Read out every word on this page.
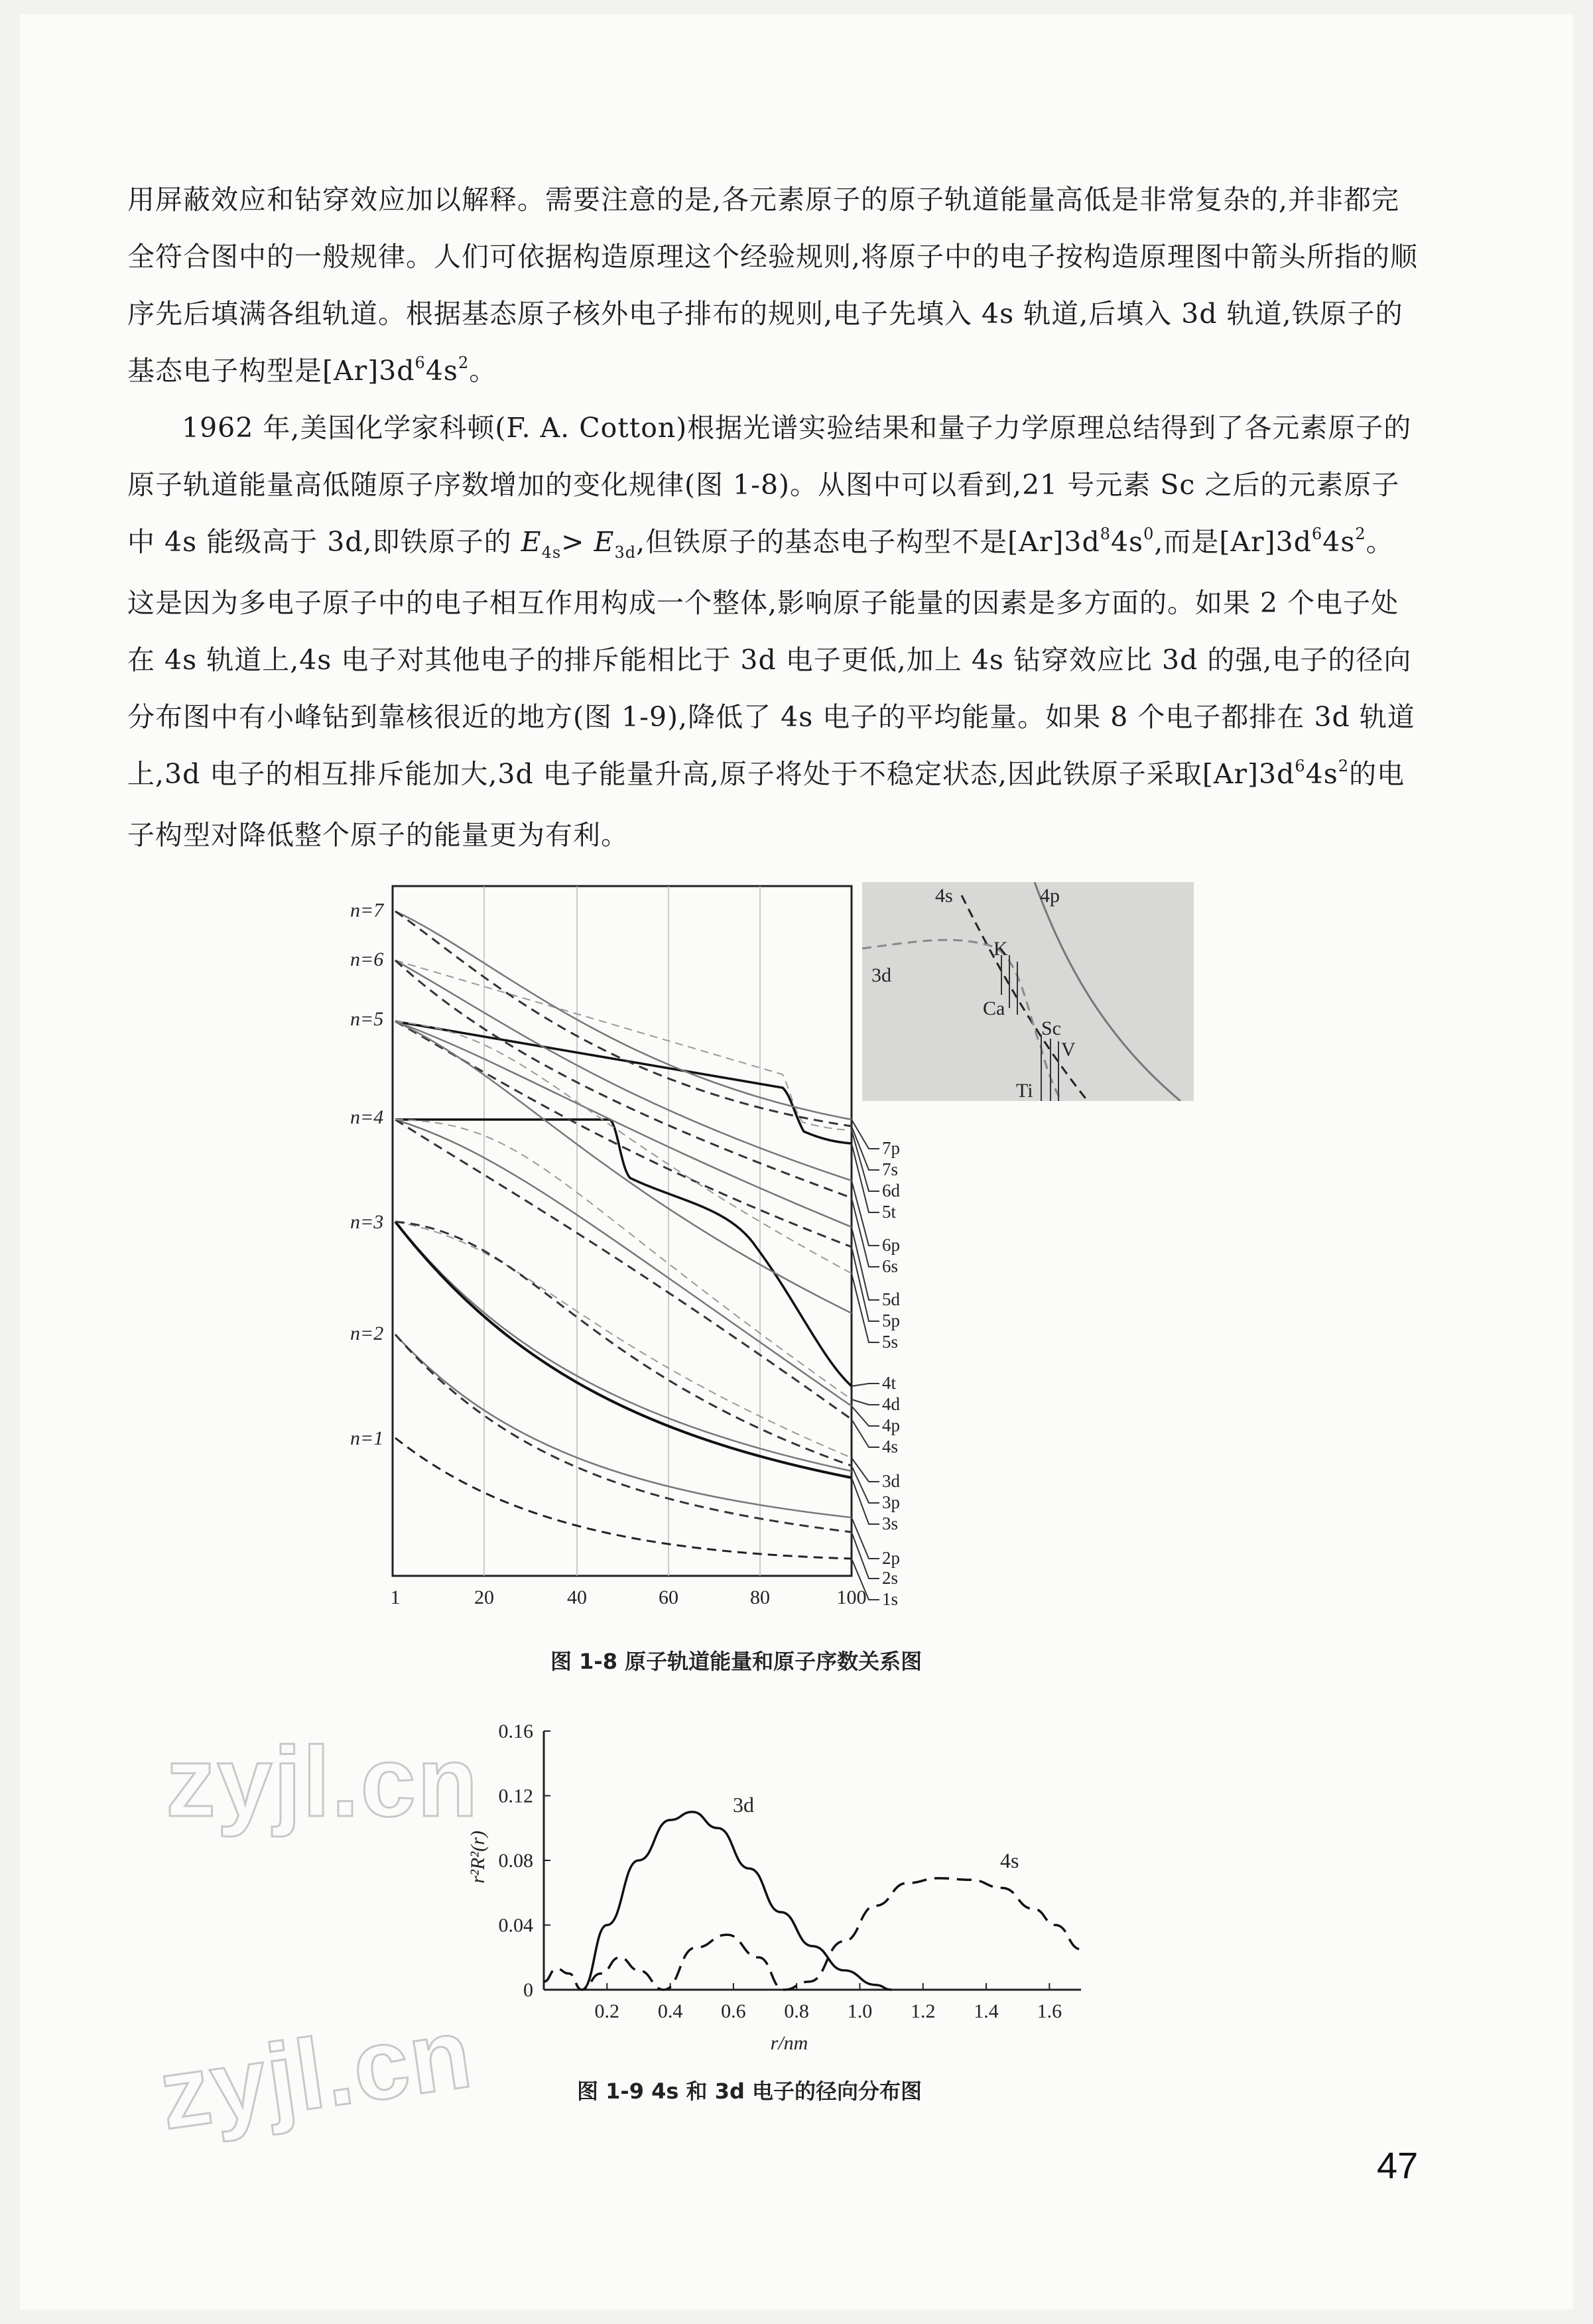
用屏蔽效应和钻穿效应加以解释。需要注意的是,各元素原子的原子轨道能量高低是非常复杂的,并非都完全符合图中的一般规律。人们可依据构造原理这个经验规则,将原子中的电子按构造原理图中箭头所指的顺序先后填满各组轨道。根据基态原子核外电子排布的规则,电子先填入 4s 轨道,后填入 3d 轨道,铁原子的基态电子构型是$[Ar]3d^64s^2$。

1962 年,美国化学家科顿(F. A. Cotton)根据光谱实验结果和量子力学原理总结得到了各元素原子的原子轨道能量高低随原子序数增加的变化规律(图 1-8)。从图中可以看到,21 号元素 Sc 之后的元素原子中 4s 能级高于 3d,即铁原子的 $E_{4s}> E_{3d}$,但铁原子的基态电子构型不是$[Ar]3d^84s^0$,而是$[Ar]3d^64s^2$。这是因为多电子原子中的电子相互作用构成一个整体,影响原子能量的因素是多方面的。如果 2 个电子处在 4s 轨道上,4s 电子对其他电子的排斥能相比于 3d 电子更低,加上 4s 钻穿效应比 3d 的强,电子的径向分布图中有小峰钻到靠核很近的地方(图 1-9),降低了 4s 电子的平均能量。如果 8 个电子都排在 3d 轨道上,3d 电子的相互排斥能加大,3d 电子能量升高,原子将处于不稳定状态,因此铁原子采取$[Ar]3d^64s^2$的电子构型对降低整个原子的能量更为有利。

n=7
n=6
n=5
n=4
n=3
n=2
n=1
7p
7s
6d
5t
6p
6s
5d
5p
5s
4t
4d
4p
4s
3d
3p
3s
2p
2s
1s
1	20	40	60	80	100
4s	4p
3d
K
Ca
Sc
V
Ti
图 1-8 原子轨道能量和原子序数关系图
0
0.04
0.08
0.12
0.16
0.2 0.4 0.6 0.8 1.0 1.2 1.4 1.6
r/nm
r²R²(r)
3d
4s
图 1-9 4s 和 3d 电子的径向分布图
zyjl.cn
zyjl.cn
47
